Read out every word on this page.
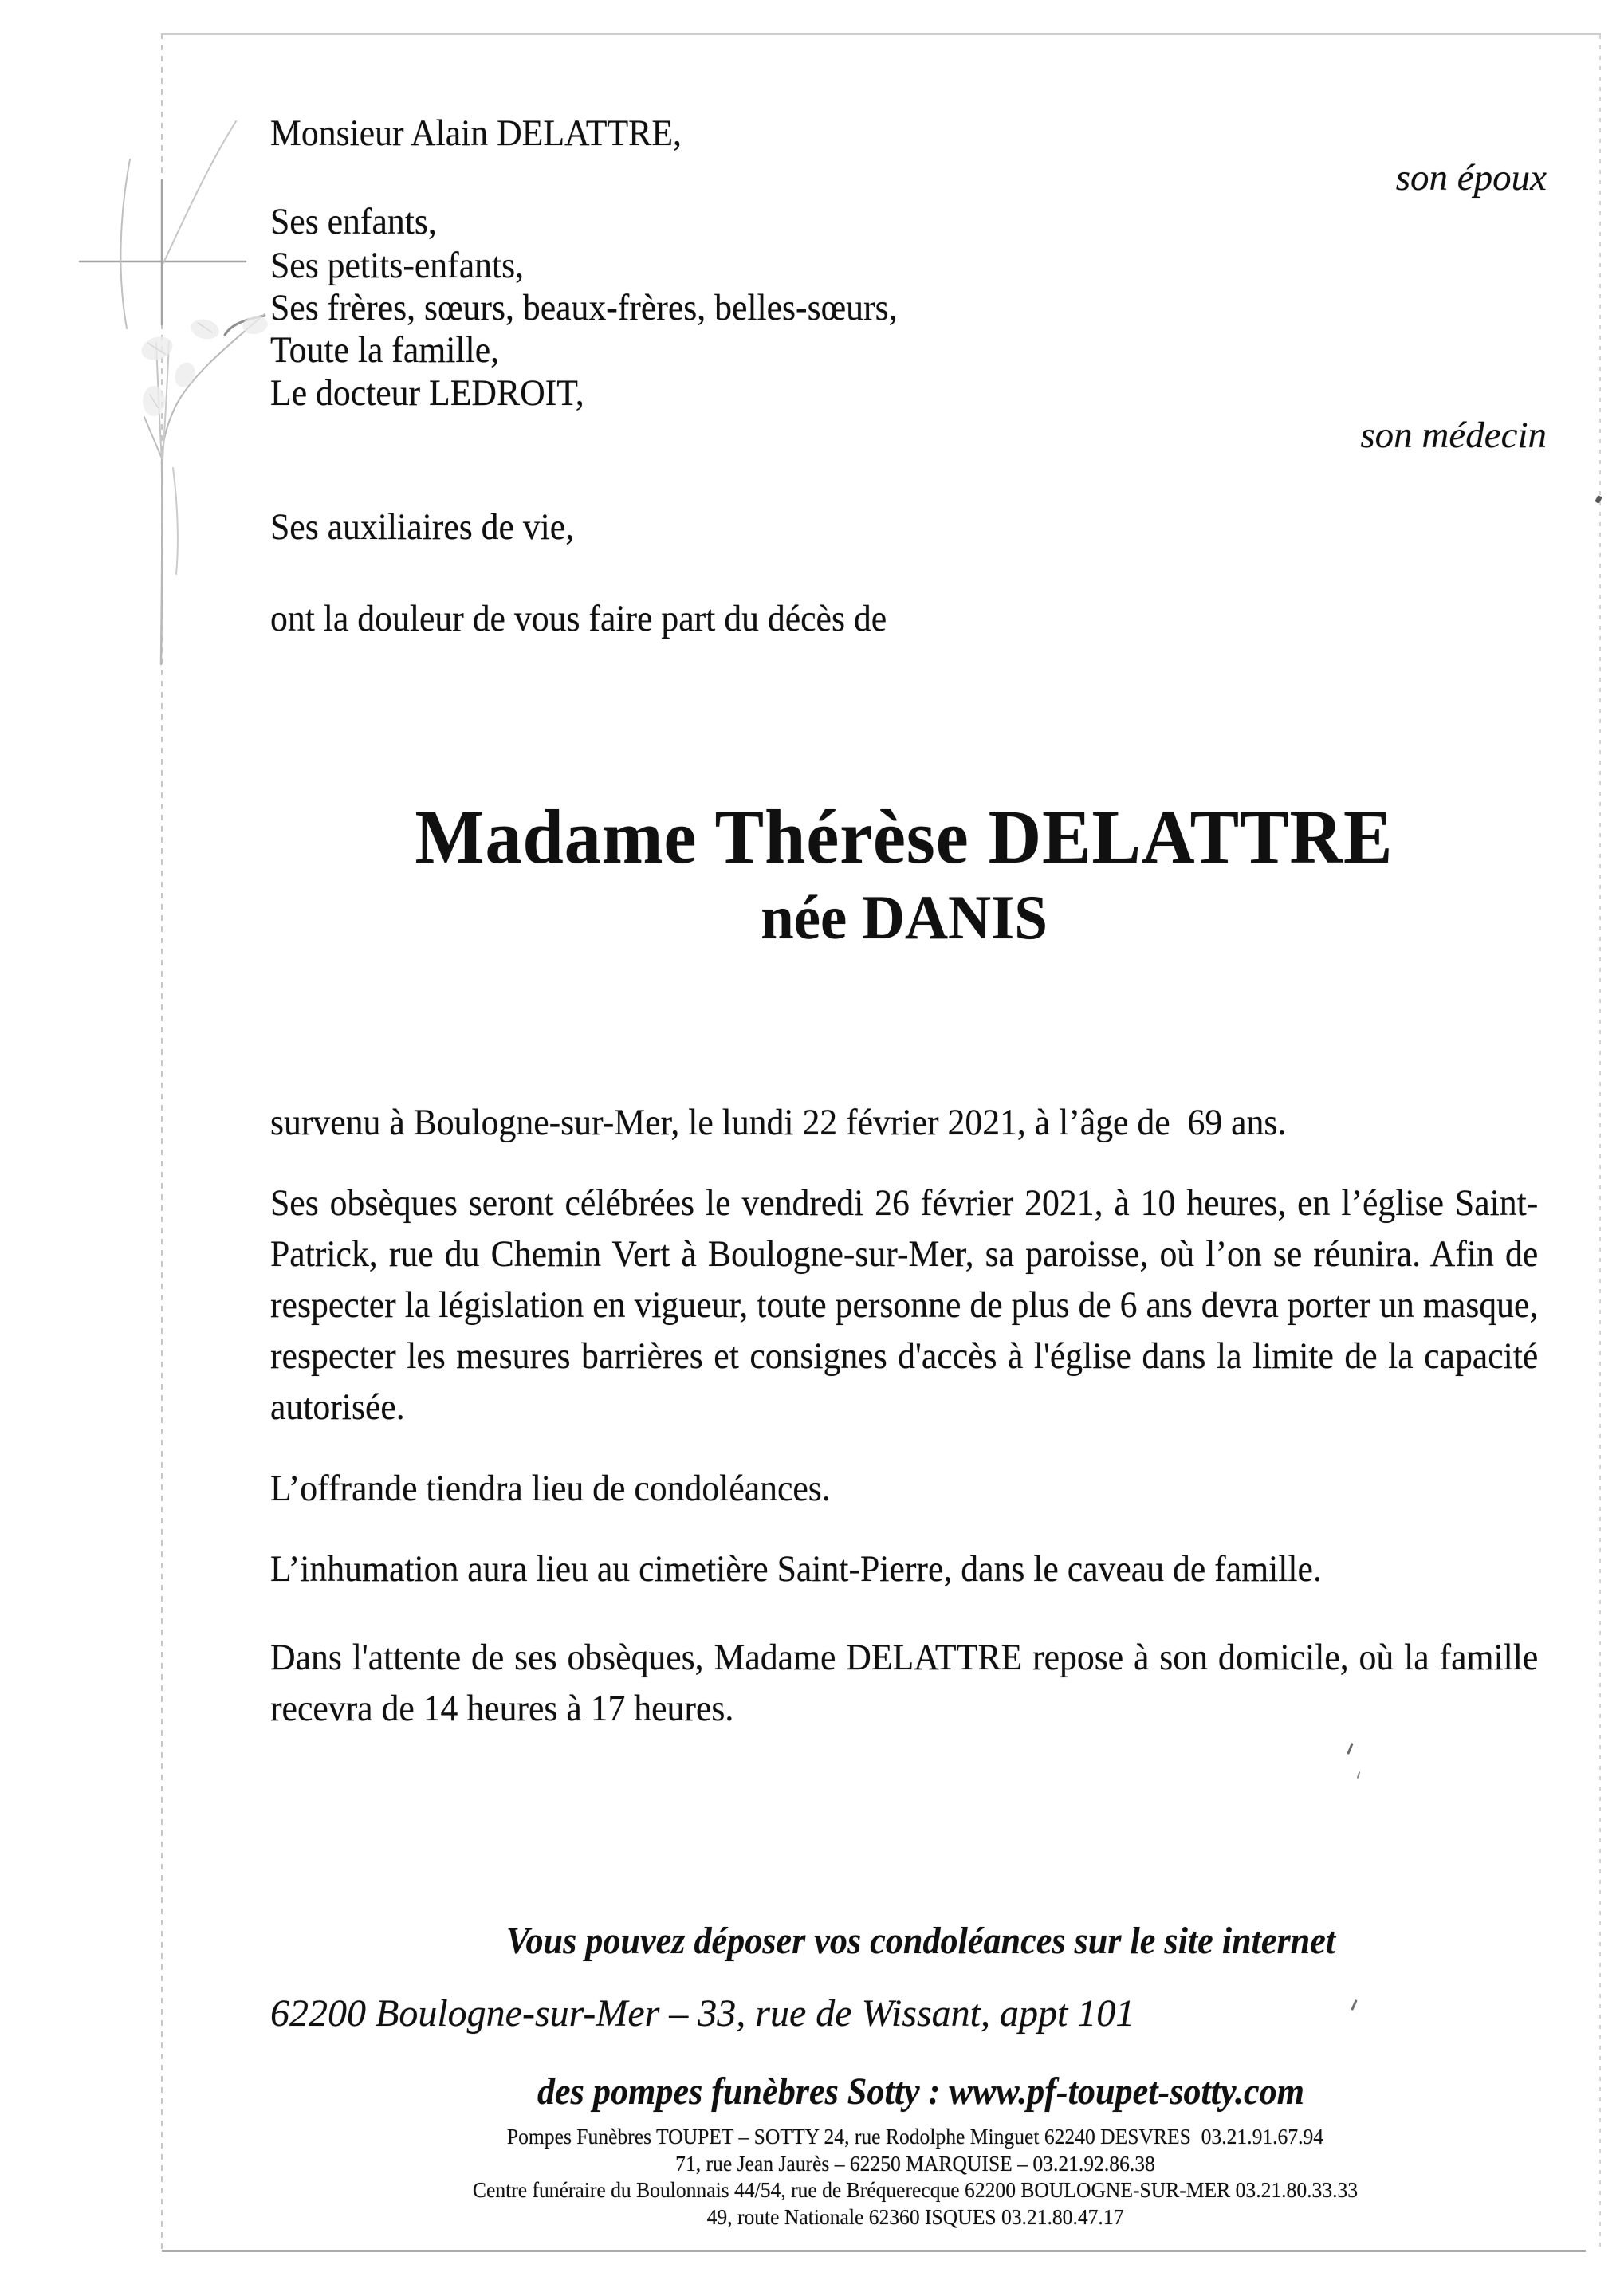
Monsieur Alain DELATTRE,
son époux
Ses enfants,
Ses petits-enfants,
Ses frères, sœurs, beaux-frères, belles-sœurs,
Toute la famille,
Le docteur LEDROIT,
son médecin
Ses auxiliaires de vie,
ont la douleur de vous faire part du décès de
Madame Thérèse DELATTRE
née DANIS
survenu à Boulogne-sur-Mer, le lundi 22 février 2021, à l’âge de  69 ans.
Ses obsèques seront célébrées le vendredi 26 février 2021, à 10 heures, en l’église Saint-Patrick, rue du Chemin Vert à Boulogne-sur-Mer, sa paroisse, où l’on se réunira. Afin de respecter la législation en vigueur, toute personne de plus de 6 ans devra porter un masque, respecter les mesures barrières et consignes d'accès à l'église dans la limite de la capacité autorisée.
L’offrande tiendra lieu de condoléances.
L’inhumation aura lieu au cimetière Saint-Pierre, dans le caveau de famille.
Dans l'attente de ses obsèques, Madame DELATTRE repose à son domicile, où la famille recevra de 14 heures à 17 heures.

Vous pouvez déposer vos condoléances sur le site internet

des pompes funèbres Sotty : www.pf-toupet-sotty.com

62200 Boulogne-sur-Mer – 33, rue de Wissant, appt 101
Pompes Funèbres TOUPET – SOTTY 24, rue Rodolphe Minguet 62240 DESVRES  03.21.91.67.94
71, rue Jean Jaurès – 62250 MARQUISE – 03.21.92.86.38
Centre funéraire du Boulonnais 44/54, rue de Bréquerecque 62200 BOULOGNE-SUR-MER 03.21.80.33.33
49, route Nationale 62360 ISQUES 03.21.80.47.17
